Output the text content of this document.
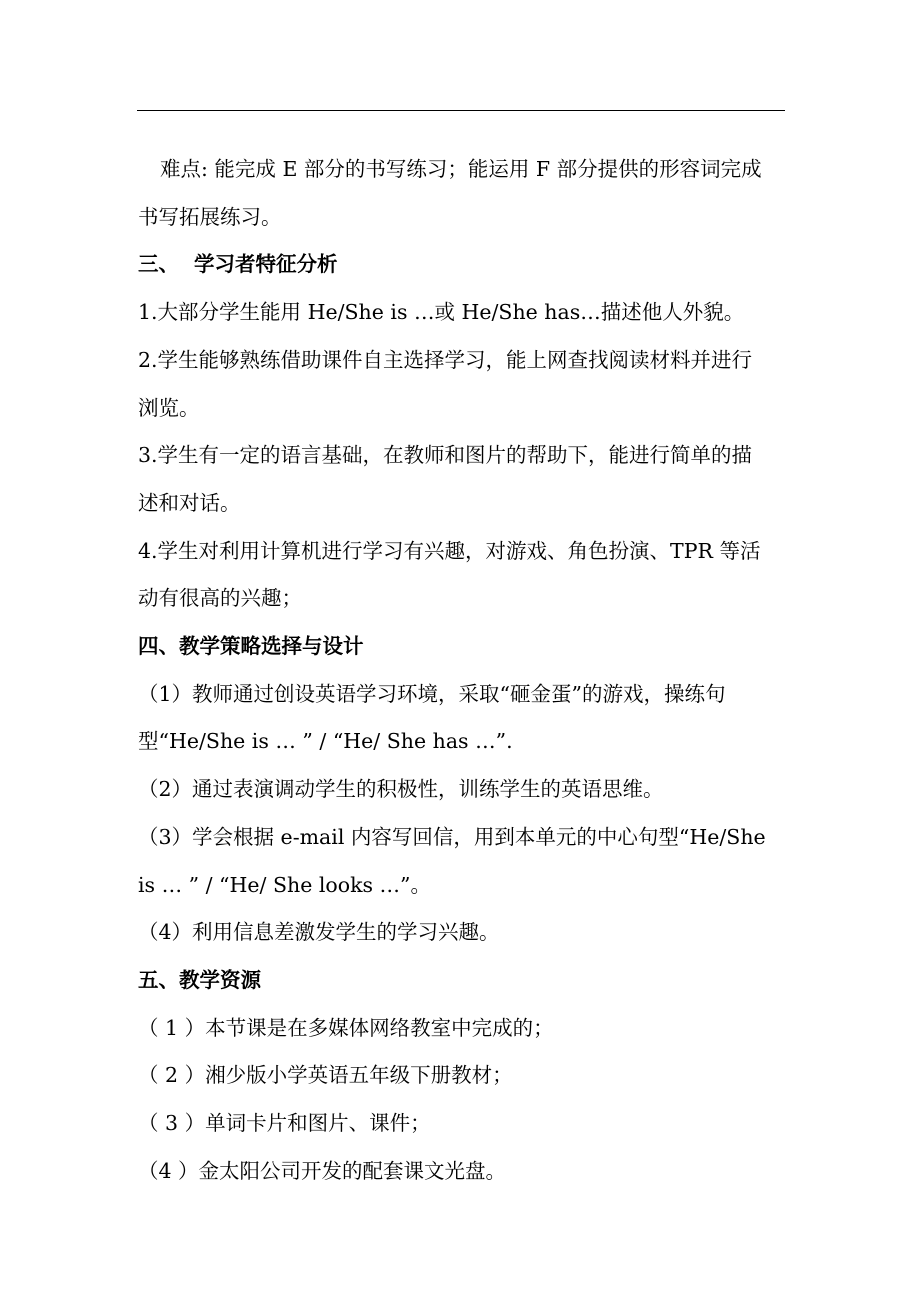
难点: 能完成 E 部分的书写练习；能运用 F 部分提供的形容词完成

书写拓展练习。

三、 学习者特征分析

1.大部分学生能用 He/She is …或 He/She has…描述他人外貌。

2.学生能够熟练借助课件自主选择学习，能上网查找阅读材料并进行

浏览。

3.学生有一定的语言基础，在教师和图片的帮助下，能进行简单的描

述和对话。

4.学生对利用计算机进行学习有兴趣，对游戏、角色扮演、TPR 等活

动有很高的兴趣；

四、教学策略选择与设计

（1）教师通过创设英语学习环境，采取“砸金蛋”的游戏，操练句

型“He/She is … ” / “He/ She has …”.

（2）通过表演调动学生的积极性，训练学生的英语思维。

（3）学会根据 e-mail 内容写回信，用到本单元的中心句型“He/She

is … ” / “He/ She looks …”。

（4）利用信息差激发学生的学习兴趣。

五、教学资源

（ 1 ）本节课是在多媒体网络教室中完成的；

（ 2 ）湘少版小学英语五年级下册教材；

（ 3 ）单词卡片和图片、课件；

（4 ）金太阳公司开发的配套课文光盘。
